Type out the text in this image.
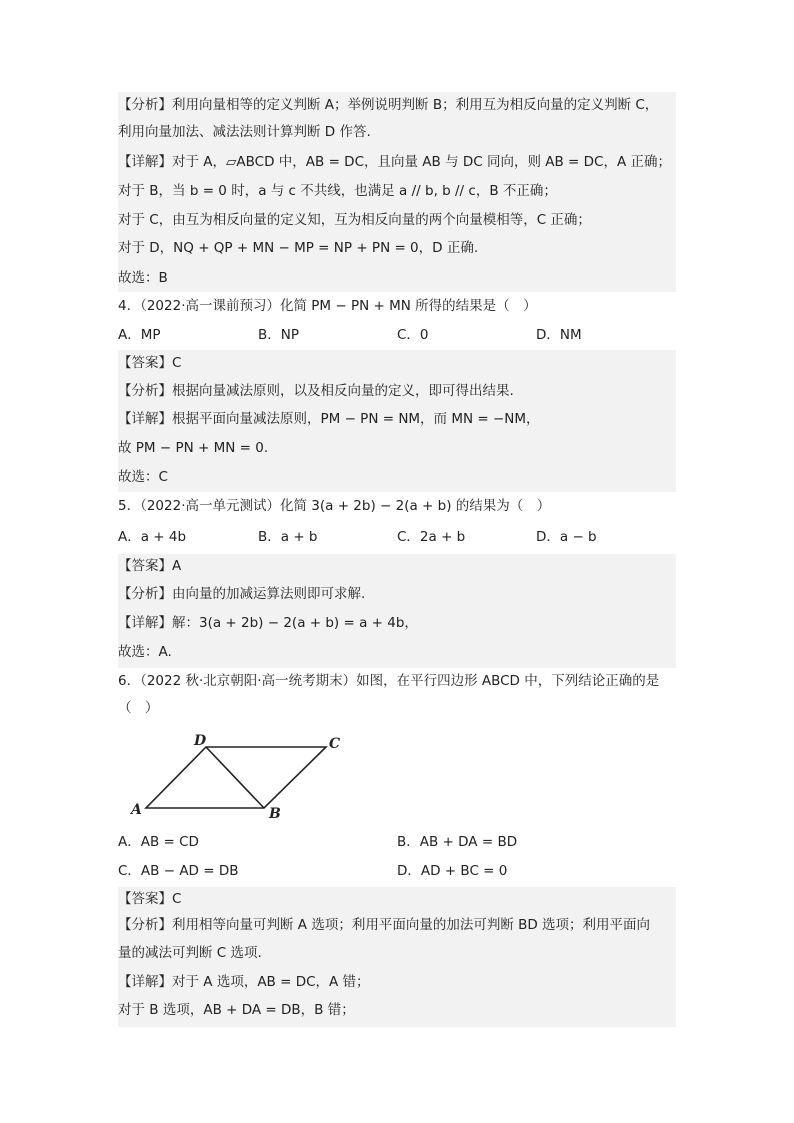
【分析】利用向量相等的定义判断 A；举例说明判断 B；利用互为相反向量的定义判断 C，
利用向量加法、减法法则计算判断 D 作答.
【详解】对于 A，▱ABCD 中，AB = DC，且向量 AB 与 DC 同向，则 AB = DC，A 正确；
对于 B，当 b = 0 时，a 与 c 不共线，也满足 a // b, b // c，B 不正确；
对于 C，由互为相反向量的定义知，互为相反向量的两个向量模相等，C 正确；
对于 D，NQ + QP + MN − MP = NP + PN = 0，D 正确.
故选：B
4．（2022·高一课前预习）化简 PM − PN + MN 所得的结果是（　）
A．MP	B．NP	C．0	D．NM
【答案】C
【分析】根据向量减法原则，以及相反向量的定义，即可得出结果.
【详解】根据平面向量减法原则，PM − PN = NM，而 MN = −NM，
故 PM − PN + MN = 0.
故选：C
5．（2022·高一单元测试）化简 3(a + 2b) − 2(a + b) 的结果为（　）
A．a + 4b	B．a + b	C．2a + b	D．a − b
【答案】A
【分析】由向量的加减运算法则即可求解.
【详解】解：3(a + 2b) − 2(a + b) = a + 4b，
故选：A.
6．（2022 秋·北京朝阳·高一统考期末）如图，在平行四边形 ABCD 中，下列结论正确的是
（　）
A	B
C
D
A．AB = CD	B．AB + DA = BD
C．AB − AD = DB	D．AD + BC = 0
【答案】C
【分析】利用相等向量可判断 A 选项；利用平面向量的加法可判断 BD 选项；利用平面向
量的减法可判断 C 选项.
【详解】对于 A 选项，AB = DC，A 错；
对于 B 选项，AB + DA = DB，B 错；
